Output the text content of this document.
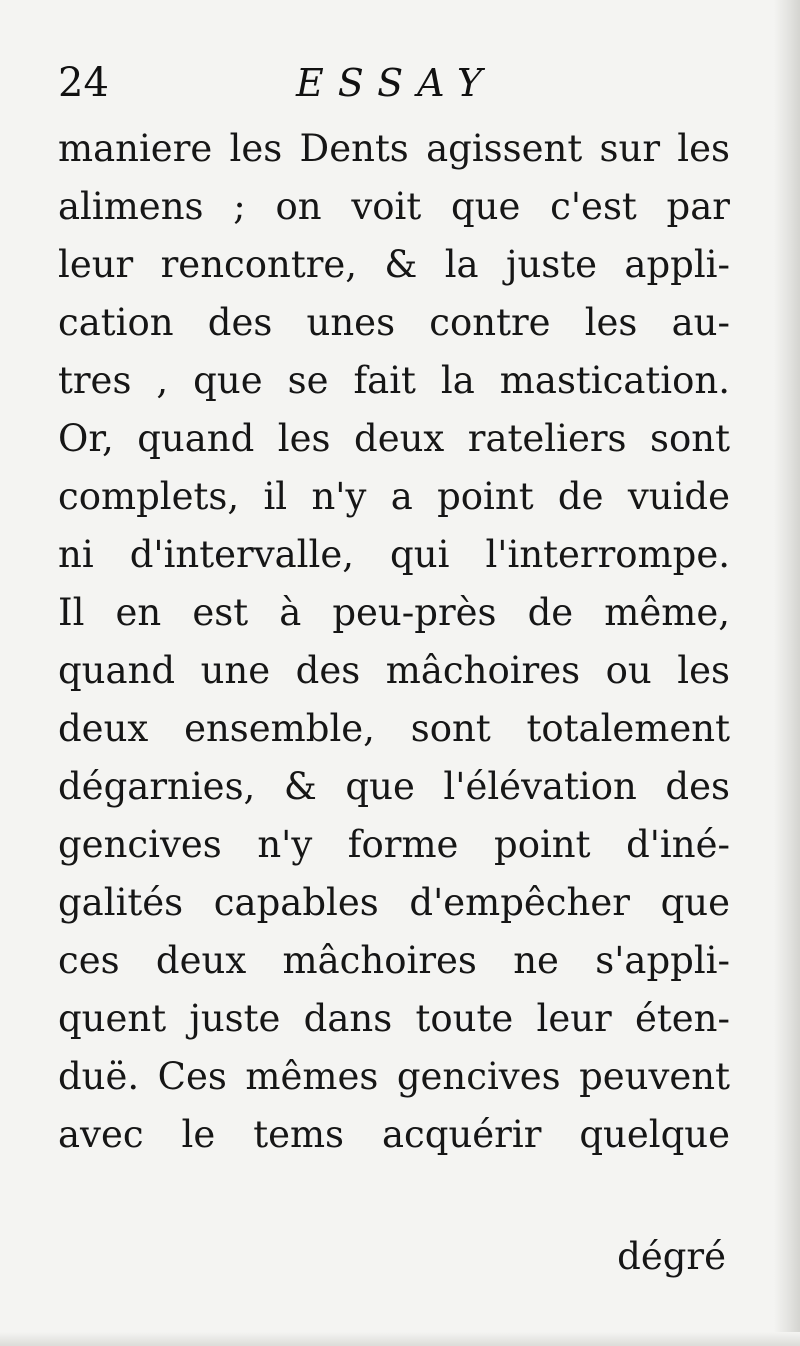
24	ESSAY
maniere les Dents agissent sur les
alimens ; on voit que c'est par
leur rencontre, & la juste appli-
cation des unes contre les au-
tres , que se fait la mastication.
Or, quand les deux rateliers sont
complets, il n'y a point de vuide
ni d'intervalle, qui l'interrompe.
Il en est à peu-près de même,
quand une des mâchoires ou les
deux ensemble, sont totalement
dégarnies, & que l'élévation des
gencives n'y forme point d'iné-
galités capables d'empêcher que
ces deux mâchoires ne s'appli-
quent juste dans toute leur éten-
duë. Ces mêmes gencives peuvent
avec le tems acquérir quelque
dégré
